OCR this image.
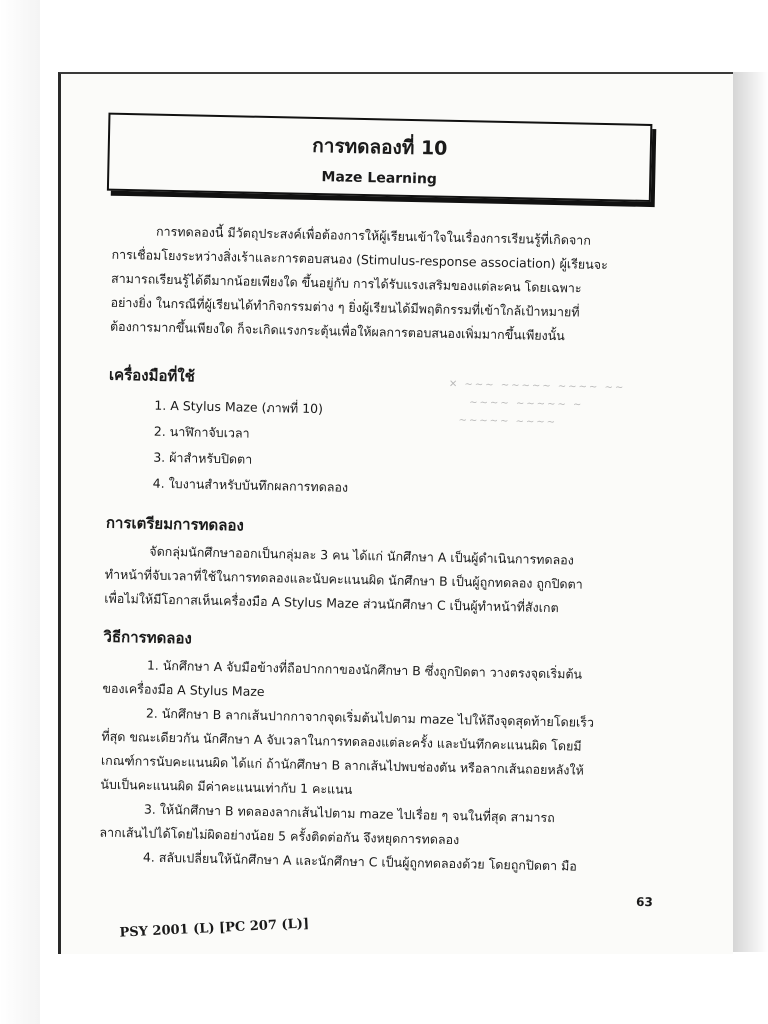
การทดลองที่ 10
Maze Learning

การทดลองนี้ มีวัตถุประสงค์เพื่อต้องการให้ผู้เรียนเข้าใจในเรื่องการเรียนรู้ที่เกิดจาก

การเชื่อมโยงระหว่างสิ่งเร้าและการตอบสนอง (Stimulus-response association) ผู้เรียนจะ

สามารถเรียนรู้ได้ดีมากน้อยเพียงใด ขึ้นอยู่กับ การได้รับแรงเสริมของแต่ละคน โดยเฉพาะ

อย่างยิ่ง ในกรณีที่ผู้เรียนได้ทำกิจกรรมต่าง ๆ ยิ่งผู้เรียนได้มีพฤติกรรมที่เข้าใกล้เป้าหมายที่

ต้องการมากขึ้นเพียงใด ก็จะเกิดแรงกระตุ้นเพื่อให้ผลการตอบสนองเพิ่มมากขึ้นเพียงนั้น

เครื่องมือที่ใช้
1. A Stylus Maze (ภาพที่ 10)
2. นาฬิกาจับเวลา
3. ผ้าสำหรับปิดตา
4. ใบงานสำหรับบันทึกผลการทดลอง
✕ ~~~ ~~~~~ ~~~~ ~~
~~~~ ~~~~~ ~
~~~~~ ~~~~
การเตรียมการทดลอง

จัดกลุ่มนักศึกษาออกเป็นกลุ่มละ 3 คน ได้แก่ นักศึกษา A เป็นผู้ดำเนินการทดลอง

ทำหน้าที่จับเวลาที่ใช้ในการทดลองและนับคะแนนผิด นักศึกษา B เป็นผู้ถูกทดลอง ถูกปิดตา

เพื่อไม่ให้มีโอกาสเห็นเครื่องมือ A Stylus Maze ส่วนนักศึกษา C เป็นผู้ทำหน้าที่สังเกต

วิธีการทดลอง

1. นักศึกษา A จับมือข้างที่ถือปากกาของนักศึกษา B ซึ่งถูกปิดตา วางตรงจุดเริ่มต้น

ของเครื่องมือ A Stylus Maze

2. นักศึกษา B ลากเส้นปากกาจากจุดเริ่มต้นไปตาม maze ไปให้ถึงจุดสุดท้ายโดยเร็ว

ที่สุด ขณะเดียวกัน นักศึกษา A จับเวลาในการทดลองแต่ละครั้ง และบันทึกคะแนนผิด โดยมี

เกณฑ์การนับคะแนนผิด ได้แก่ ถ้านักศึกษา B ลากเส้นไปพบช่องตัน หรือลากเส้นถอยหลังให้

นับเป็นคะแนนผิด มีค่าคะแนนเท่ากับ 1 คะแนน

3. ให้นักศึกษา B ทดลองลากเส้นไปตาม maze ไปเรื่อย ๆ จนในที่สุด สามารถ

ลากเส้นไปได้โดยไม่ผิดอย่างน้อย 5 ครั้งติดต่อกัน จึงหยุดการทดลอง

4. สลับเปลี่ยนให้นักศึกษา A และนักศึกษา C เป็นผู้ถูกทดลองด้วย โดยถูกปิดตา มือ

63
PSY 2001 (L) [PC 207 (L)]
